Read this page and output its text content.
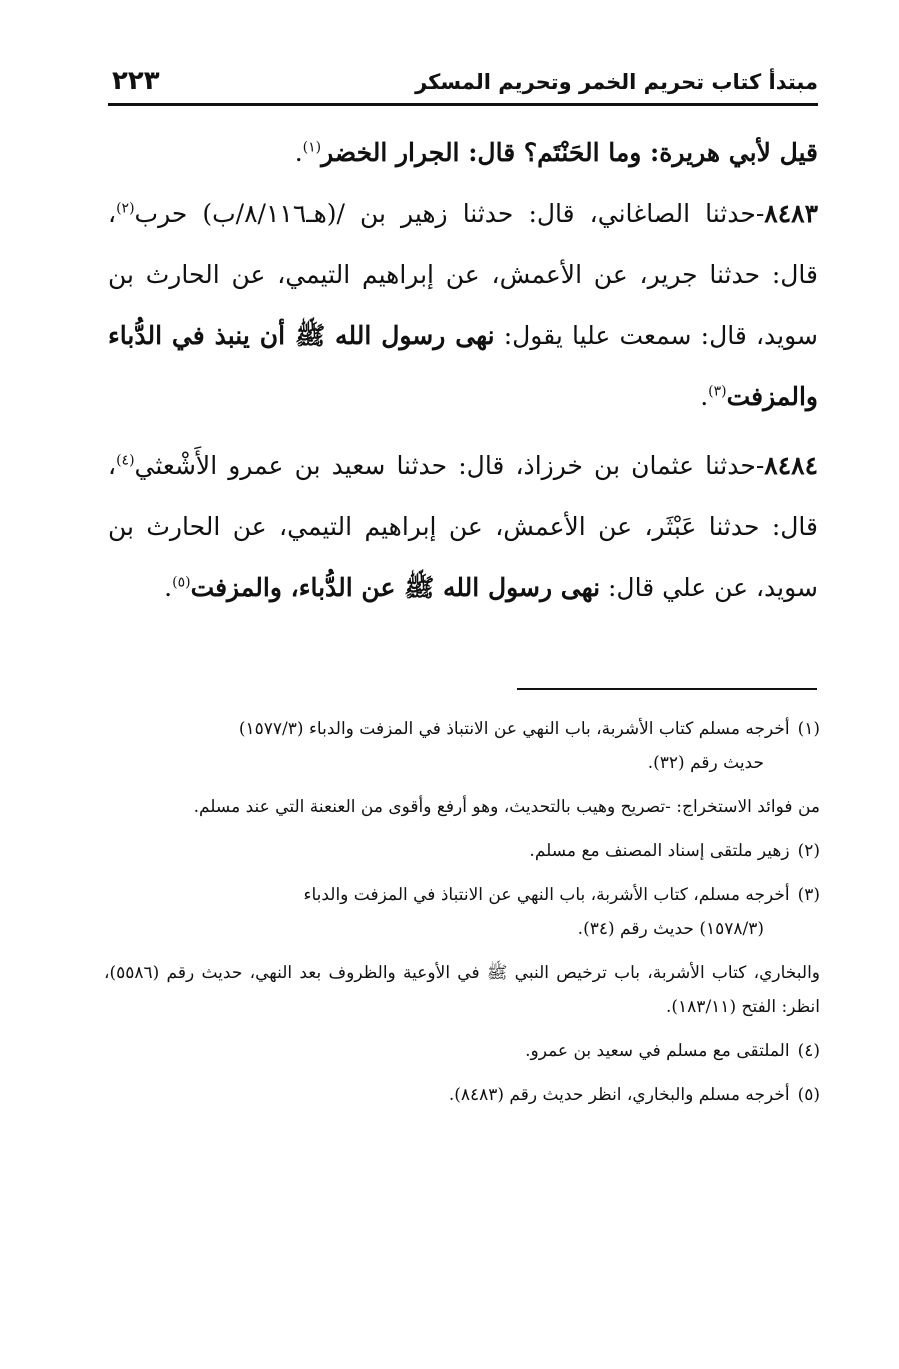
مبتدأ كتاب تحريم الخمر وتحريم المسكر
٢٢٣

قيل لأبي هريرة: وما الحَنْتَم؟ قال: الجرار الخضر$^{(١)}$.

٨٤٨٣-حدثنا الصاغاني، قال: حدثنا زهير بن /(هـ٨/١١٦/ب) حرب$^{(٢)}$، قال: حدثنا جرير، عن الأعمش، عن إبراهيم التيمي، عن الحارث بن سويد، قال: سمعت عليا يقول: نهى رسول الله ﷺ أن ينبذ في الدُّباء والمزفت$^{(٣)}$.

٨٤٨٤-حدثنا عثمان بن خرزاذ، قال: حدثنا سعيد بن عمرو الأَشْعثي$^{(٤)}$، قال: حدثنا عَبْثَر، عن الأعمش، عن إبراهيم التيمي، عن الحارث بن سويد، عن علي قال: نهى رسول الله ﷺ عن الدُّباء، والمزفت$^{(٥)}$.

(١)أخرجه مسلم كتاب الأشربة، باب النهي عن الانتباذ في المزفت والدباء (١٥٧٧/٣)
حديث رقم (٣٢).
من فوائد الاستخراج: -تصريح وهيب بالتحديث، وهو أرفع وأقوى من العنعنة التي عند مسلم.
(٢)زهير ملتقى إسناد المصنف مع مسلم.
(٣)أخرجه مسلم، كتاب الأشربة، باب النهي عن الانتباذ في المزفت والدباء
(١٥٧٨/٣) حديث رقم (٣٤).
والبخاري، كتاب الأشربة، باب ترخيص النبي ﷺ في الأوعية والظروف بعد النهي، حديث رقم (٥٥٨٦)، انظر: الفتح (١٨٣/١١).
(٤)الملتقى مع مسلم في سعيد بن عمرو.
(٥)أخرجه مسلم والبخاري، انظر حديث رقم (٨٤٨٣).
